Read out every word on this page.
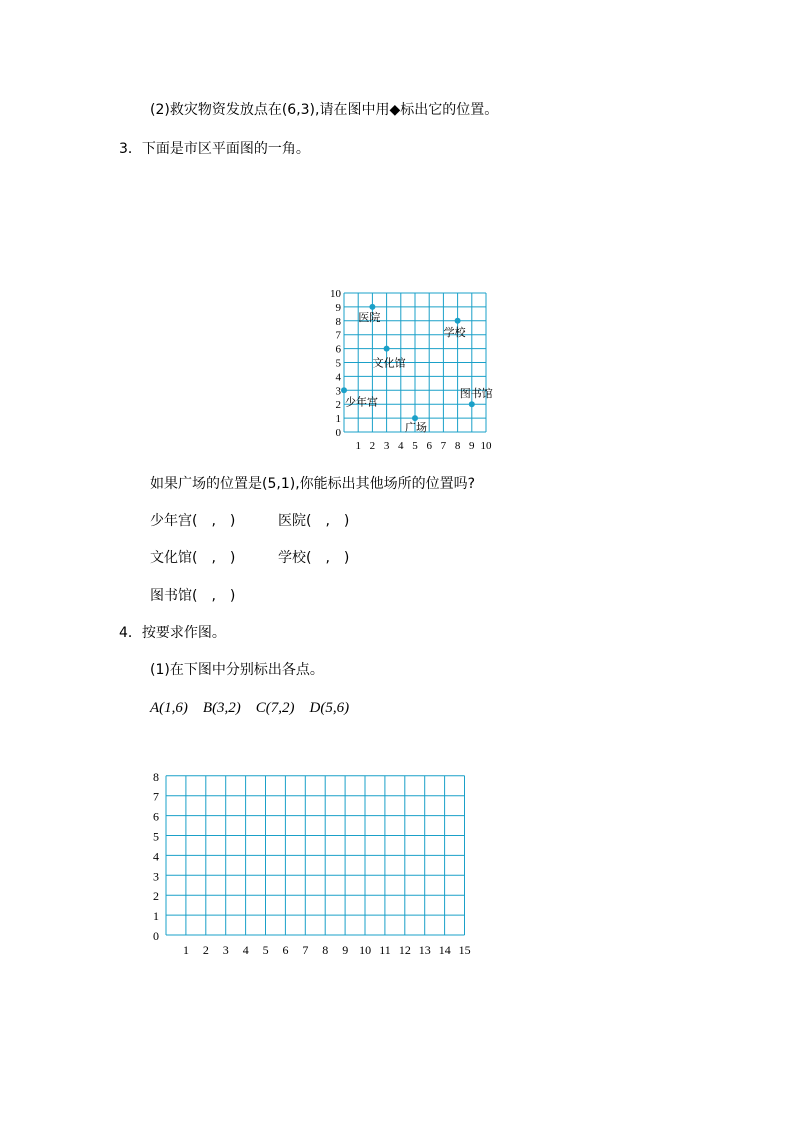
(2)救灾物资发放点在(6,3),请在图中用◆标出它的位置。
3．下面是市区平面图的一角。
0
1
2
3
4
5
6
7
8
9
10
1 2 3 4 5 6 7 8 9 10
医院
学校
文化馆
少年宫
图书馆
广场
如果广场的位置是(5,1),你能标出其他场所的位置吗?
少年宫(　,　)	医院(　,　)
文化馆(　,　)	学校(　,　)
图书馆(　,　)
4．按要求作图。
(1)在下图中分别标出各点。
A(1,6)　B(3,2)　C(7,2)　D(5,6)
0
1
2
3
4
5
6
7
8
1 2 3 4 5 6 7 8 9 10 11 12 13 14 15
